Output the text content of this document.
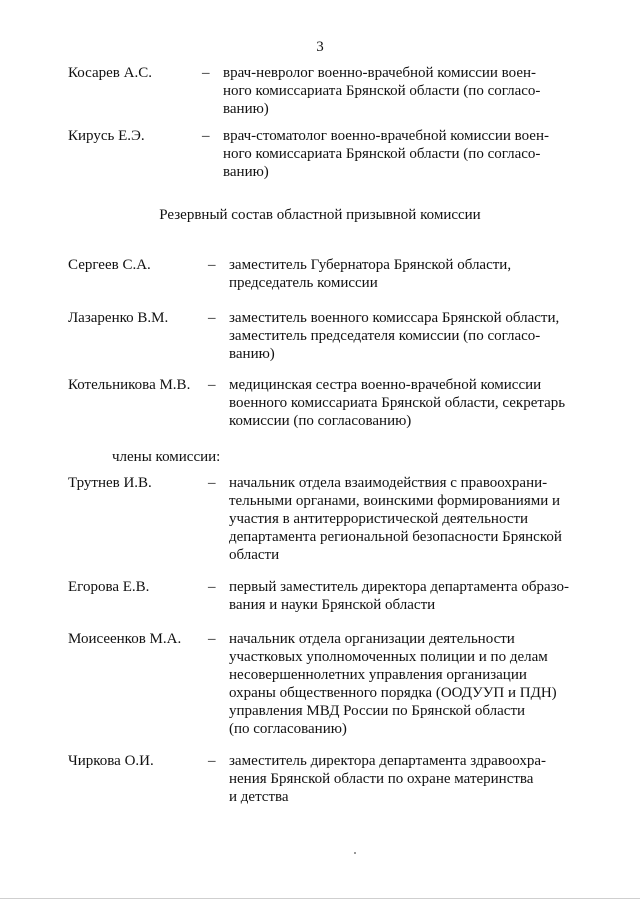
3
Косарев А.С.	– врач-невролог военно-врачебной комиссии воен-
ного комиссариата Брянской области (по согласо-
ванию)
Кирусь Е.Э.	– врач-стоматолог военно-врачебной комиссии воен-
ного комиссариата Брянской области (по согласо-
ванию)
Резервный состав областной призывной комиссии
Сергеев С.А.	– заместитель Губернатора Брянской области,
председатель комиссии
Лазаренко В.М.	– заместитель военного комиссара Брянской области,
заместитель председателя комиссии (по согласо-
ванию)
Котельникова М.В. – медицинская сестра военно-врачебной комиссии
военного комиссариата Брянской области, секретарь
комиссии (по согласованию)
члены комиссии:
Трутнев И.В.	– начальник отдела взаимодействия с правоохрани-
тельными органами, воинскими формированиями и
участия в антитеррористической деятельности
департамента региональной безопасности Брянской
области
Егорова Е.В.	– первый заместитель директора департамента образо-
вания и науки Брянской области
Моисеенков М.А. – начальник отдела организации деятельности
участковых уполномоченных полиции и по делам
несовершеннолетних управления организации
охраны общественного порядка (ООДУУП и ПДН)
управления МВД России по Брянской области
(по согласованию)
Чиркова О.И.	– заместитель директора департамента здравоохра-
нения Брянской области по охране материнства
и детства
